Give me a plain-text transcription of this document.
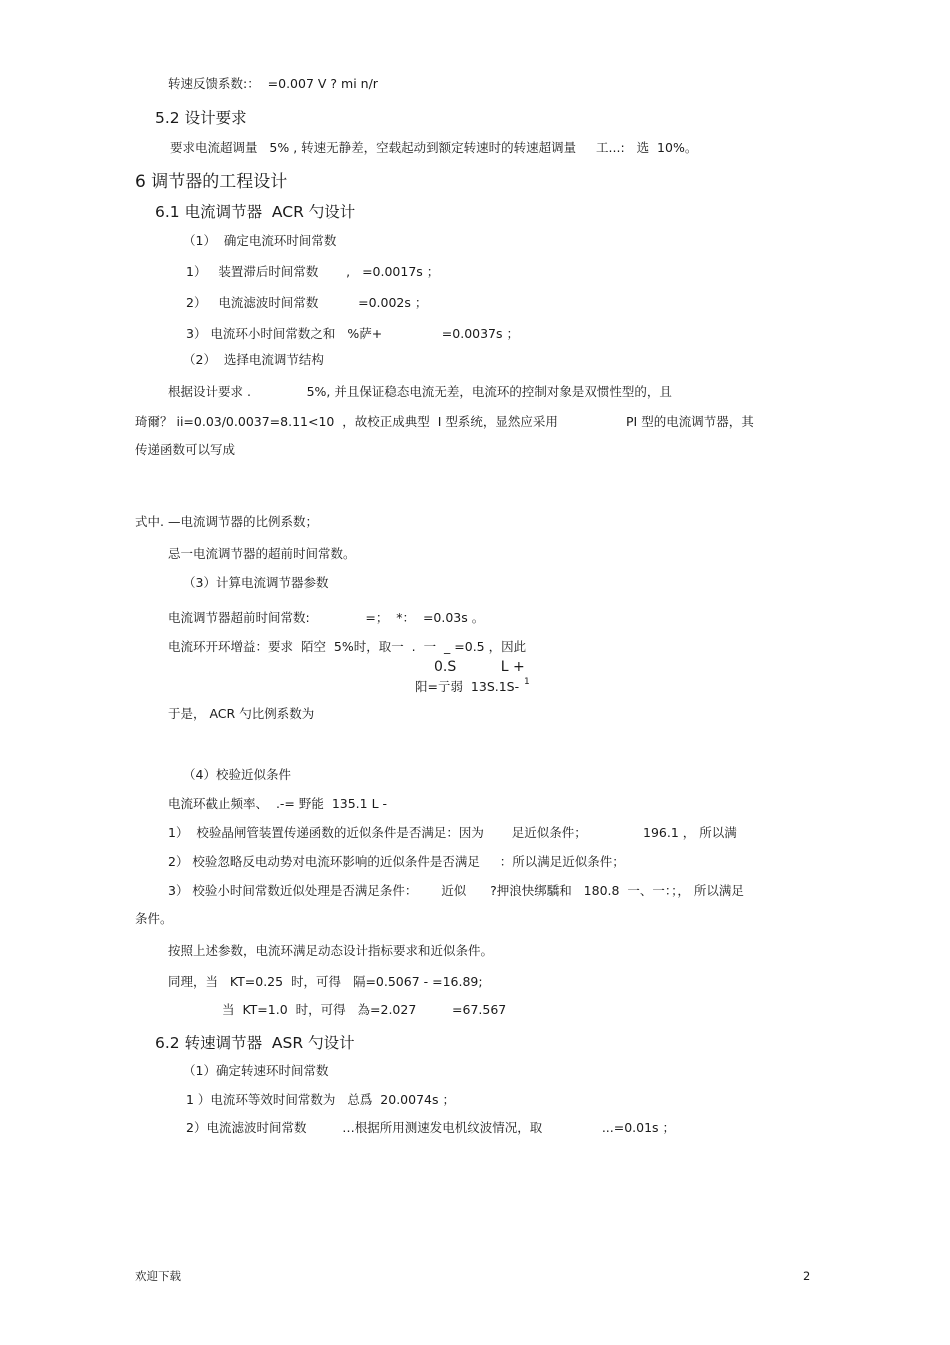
转速反馈系数:：  =0.007 V ? mi n/r
5.2 设计要求
要求电流超调量   5% , 转速无静差，空载起动到额定转速时的转速超调量     工...:   选  10%。
6 调节器的工程设计
6.1 电流调节器  ACR 勺设计
（1）  确定电流环时间常数
1）   装置滞后时间常数       ,   =0.0017s ；
2）   电流滤波时间常数          =0.002s ；
3） 电流环小时间常数之和   %萨+               =0.0037s ；
（2）  选择电流调节结构
根据设计要求 .              5%, 并且保证稳态电流无差，电流环的控制对象是双惯性型的，且
琦爾？ ii=0.03/0.0037=8.11<10  ，故校正成典型  I 型系统，显然应采用	PI 型的电流调节器，其
传递函数可以写成
式中. —电流调节器的比例系数；
忌一电流调节器的超前时间常数。
（3）计算电流调节器参数
电流调节器超前时间常数:              =；  *：  =0.03s 。
电流环开环增益：要求  陌空  5%时，取一  .  一  _ =0.5 ，因此
0.S          L +
阳=亍弱  13S.1S- 1
于是， ACR 勺比例系数为
（4）校验近似条件
电流环截止频率、  .-= 野能  135.1 L -
1）  校验晶闸管装置传递函数的近似条件是否满足：因为       足近似条件；	196.1 ， 所以满
2） 校验忽略反电动势对电流环影响的近似条件是否满足     ：所以满足近似条件；
3） 校验小时间常数近似处理是否满足条件：      近似      ?押浪快绑驕和   180.8  一、一：；， 所以满足
条件。
按照上述参数，电流环满足动态设计指标要求和近似条件。
同理，当   KT=0.25  时，可得   隔=0.5067 - =16.89;
当  KT=1.0  时，可得   為=2.027         =67.567
6.2 转速调节器  ASR 勺设计
（1）确定转速环时间常数
1 ）电流环等效时间常数为   总爲  20.0074s ；
2）电流滤波时间常数         …根据所用测速发电机纹波情况，取               ...=0.01s ；
欢迎下载	2
